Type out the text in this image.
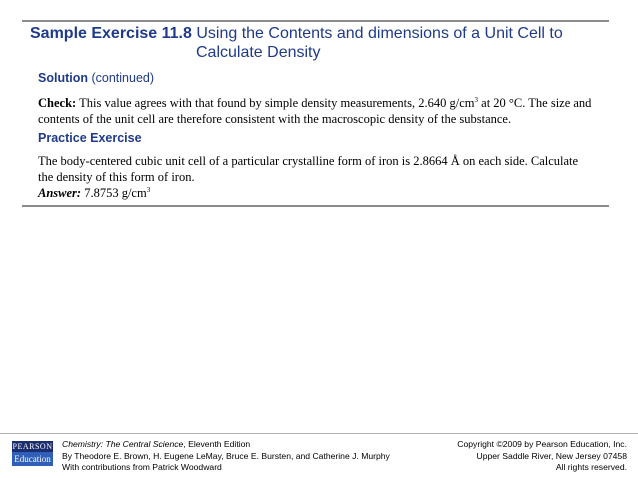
Sample Exercise 11.8 Using the Contents and dimensions of a Unit Cell to
Calculate Density
Solution (continued)
Check: This value agrees with that found by simple density measurements, 2.640 $g/cm^3$ at 20 °C. The size and
contents of the unit cell are therefore consistent with the macroscopic density of the substance.
Practice Exercise
The body-centered cubic unit cell of a particular crystalline form of iron is 2.8664 Å on each side. Calculate
the density of this form of iron.
Answer: 7.8753 $g/cm^3$
PEARSON
Education
Chemistry: The Central Science, Eleventh Edition
By Theodore E. Brown, H. Eugene LeMay, Bruce E. Bursten, and Catherine J. Murphy
With contributions from Patrick Woodward
Copyright ©2009 by Pearson Education, Inc.
Upper Saddle River, New Jersey 07458
All rights reserved.
